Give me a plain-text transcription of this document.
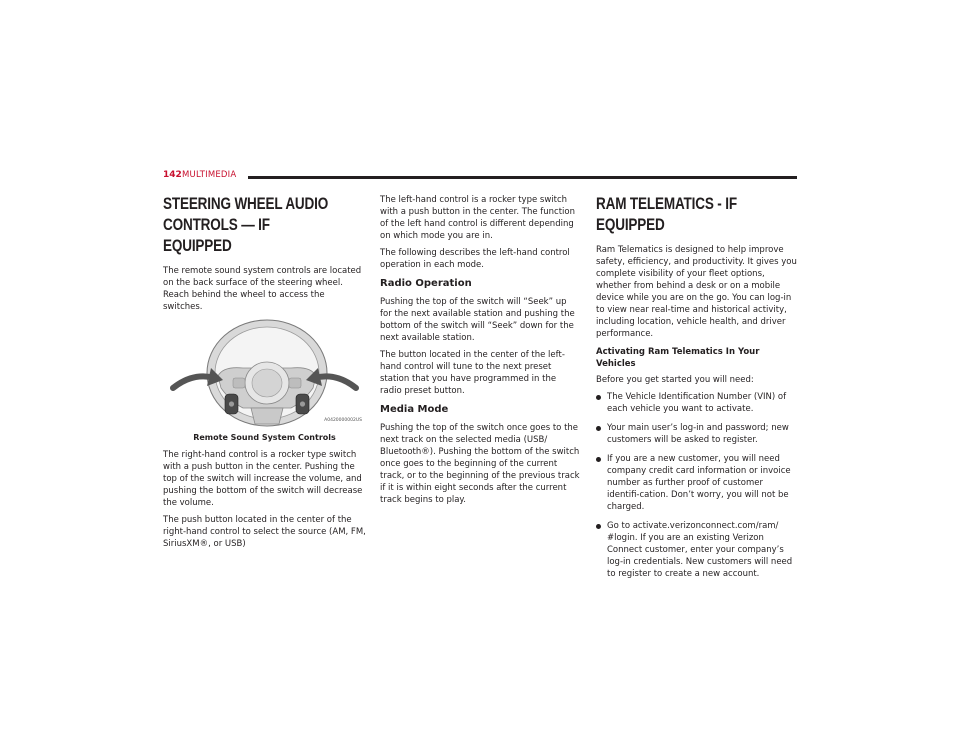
142 MULTIMEDIA
STEERING WHEEL AUDIO CONTROLS — IF
EQUIPPED

The remote sound system controls are located on the back surface of the steering wheel. Reach behind the wheel to access the switches.

A0420000002US
Remote Sound System Controls

The right-hand control is a rocker type switch with a push button in the center. Pushing the top of the switch will increase the volume, and pushing the bottom of the switch will decrease the volume.

The push button located in the center of the right-hand control to select the source (AM, FM, SiriusXM®, or USB)

The left-hand control is a rocker type switch with a push button in the center. The function of the left hand control is different depending on which mode you are in.

The following describes the left-hand control operation in each mode.

Radio Operation

Pushing the top of the switch will “Seek” up for the next available station and pushing the bottom of the switch will “Seek” down for the next available station.

The button located in the center of the left-hand control will tune to the next preset station that you have programmed in the radio preset button.

Media Mode

Pushing the top of the switch once goes to the next track on the selected media (USB/ Bluetooth®). Pushing the bottom of the switch once goes to the beginning of the current track, or to the beginning of the previous track if it is within eight seconds after the current track begins to play.

RAM TELEMATICS - IF EQUIPPED

Ram Telematics is designed to help improve safety, efficiency, and productivity. It gives you complete visibility of your fleet options, whether from behind a desk or on a mobile device while you are on the go. You can log-in to view near real-time and historical activity, including location, vehicle health, and driver performance.

Activating Ram Telematics In Your Vehicles

Before you get started you will need:

The Vehicle Identification Number (VIN) of each vehicle you want to activate.
Your main user’s log-in and password; new customers will be asked to register.
If you are a new customer, you will need company credit card information or invoice number as further proof of customer identifi-cation. Don’t worry, you will not be charged.
Go to activate.verizonconnect.com/ram/ #login. If you are an existing Verizon Connect customer, enter your company’s log-in credentials. New customers will need to register to create a new account.
